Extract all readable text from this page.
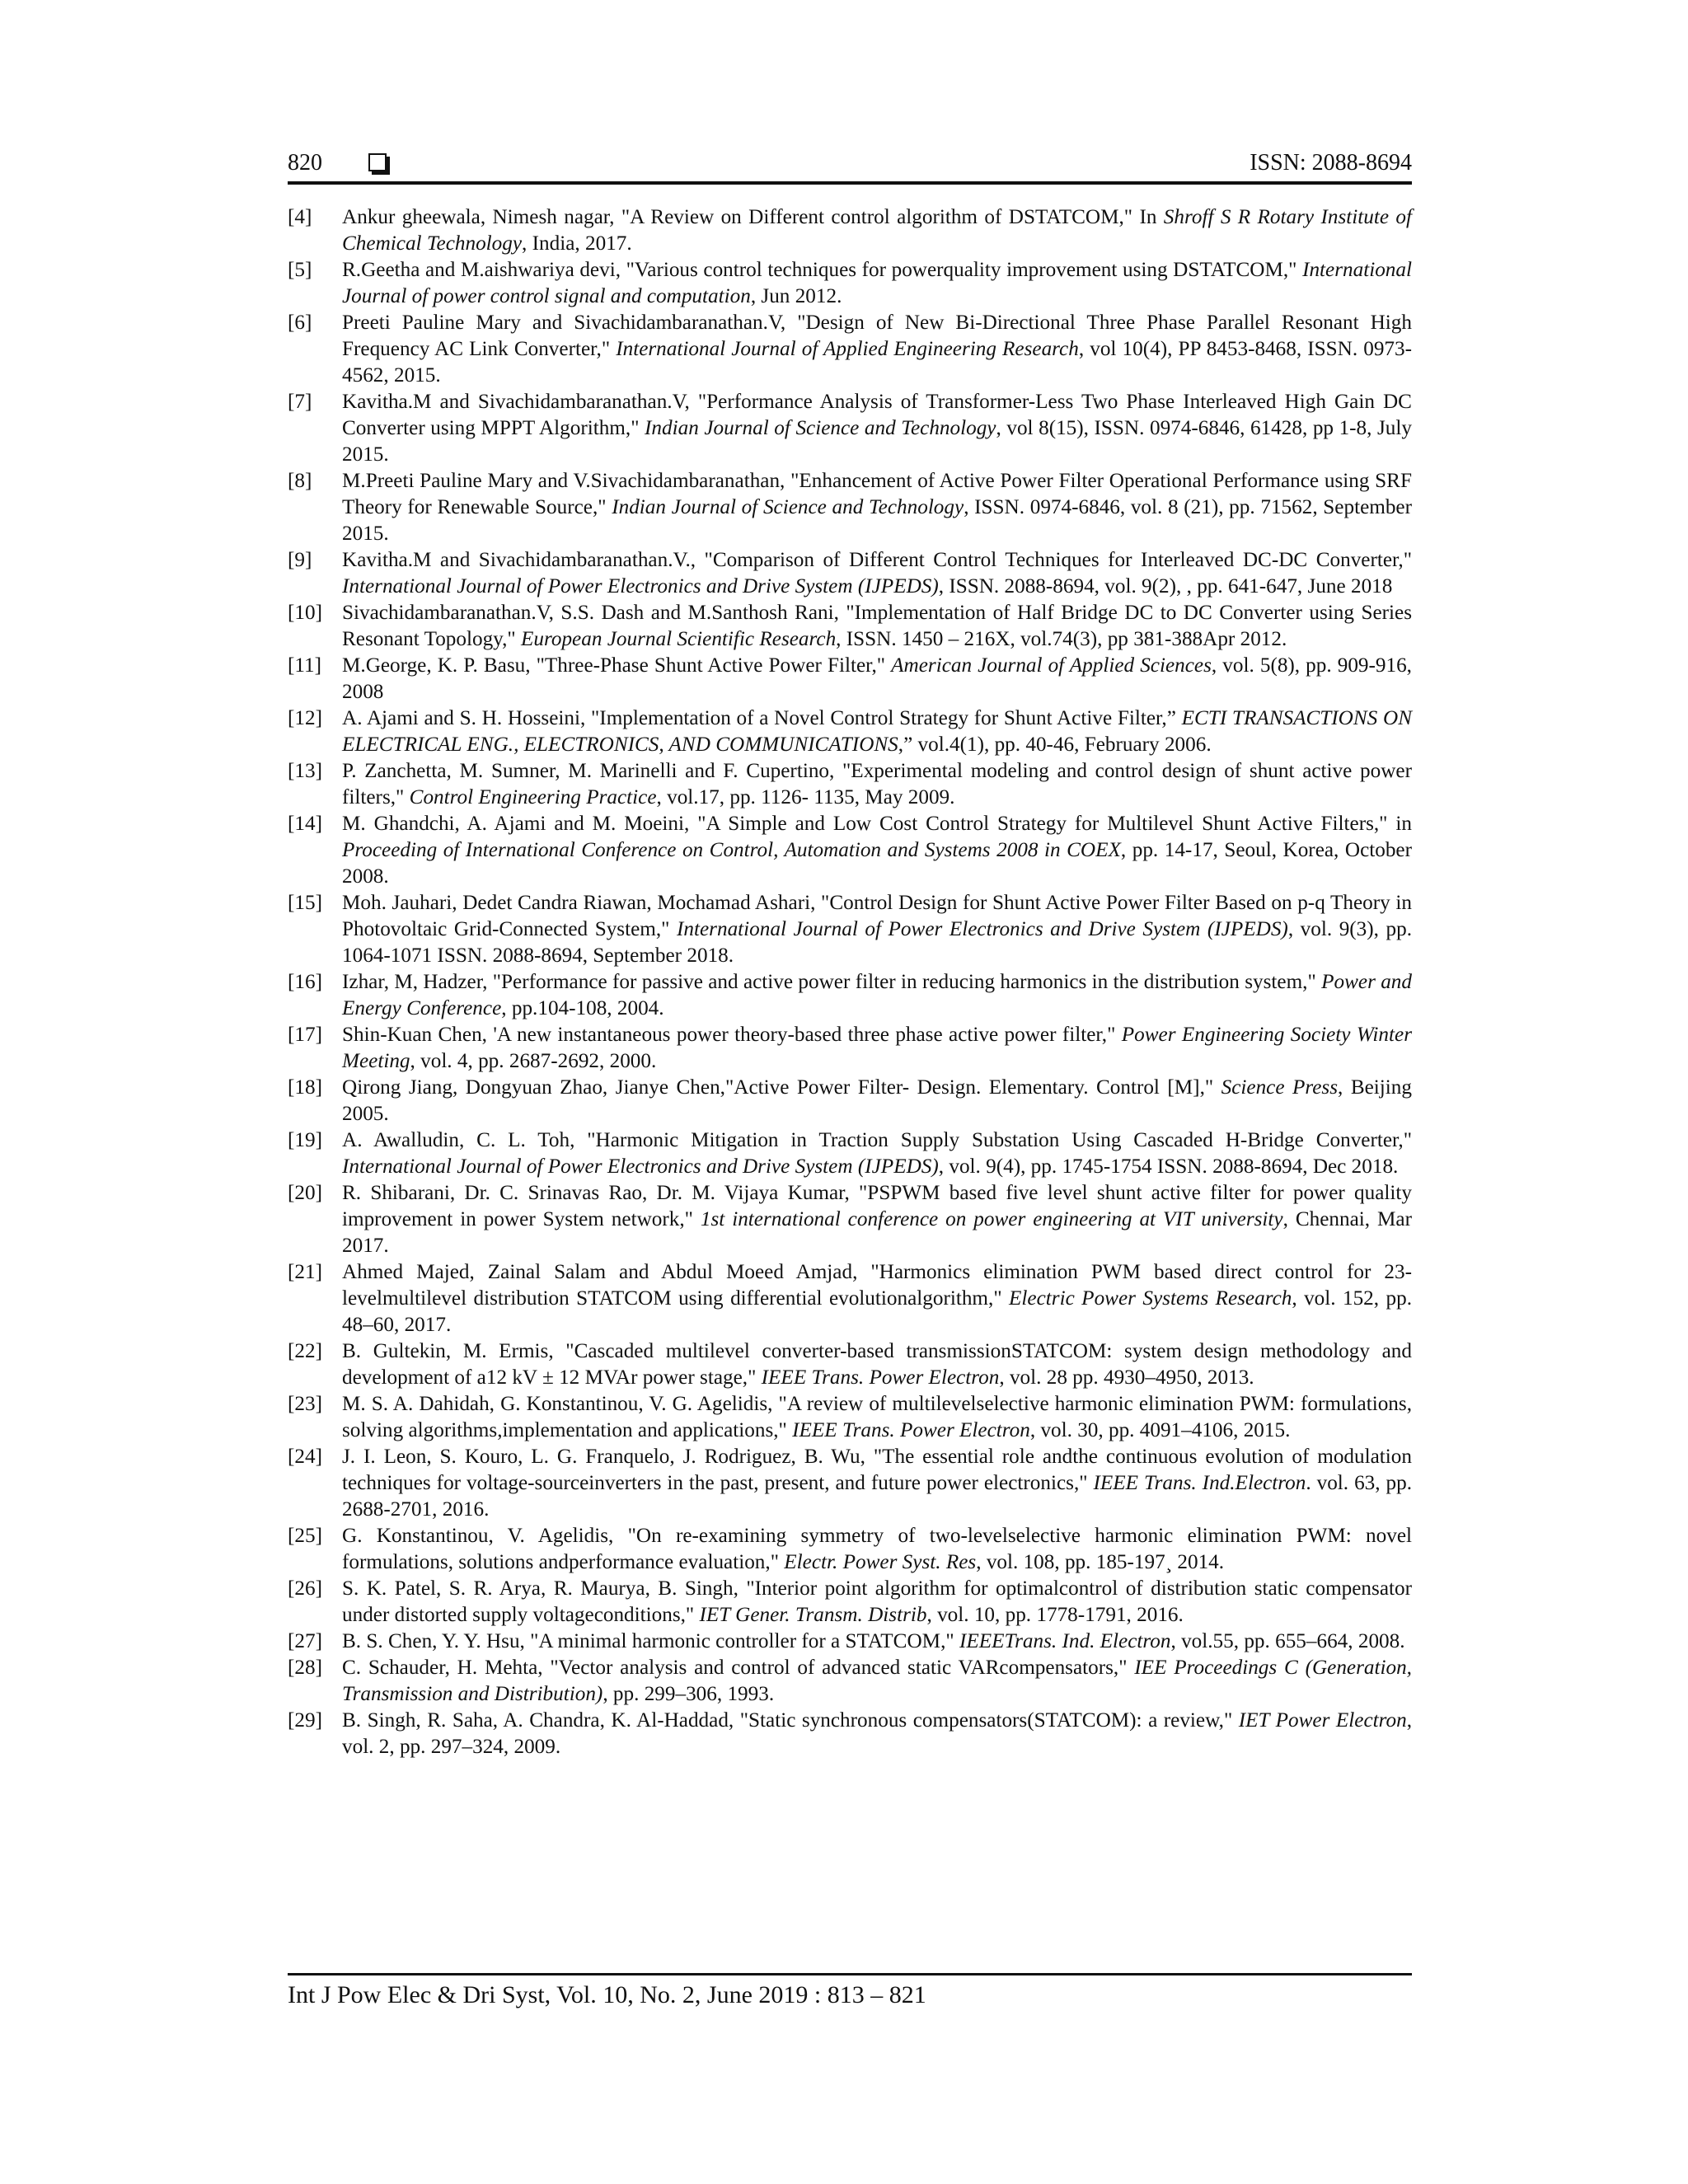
820	ISSN: 2088-8694
[4]	Ankur gheewala, Nimesh nagar, "A Review on Different control algorithm of DSTATCOM," In Shroff S R Rotary Institute of Chemical Technology, India, 2017.
[5]	R.Geetha and M.aishwariya devi, "Various control techniques for powerquality improvement using DSTATCOM," International Journal of power control signal and computation, Jun 2012.
[6]	Preeti Pauline Mary and Sivachidambaranathan.V, "Design of New Bi-Directional Three Phase Parallel Resonant High Frequency AC Link Converter," International Journal of Applied Engineering Research, vol 10(4), PP 8453-8468, ISSN. 0973-4562, 2015.
[7]	Kavitha.M and Sivachidambaranathan.V, "Performance Analysis of Transformer-Less Two Phase Interleaved High Gain DC Converter using MPPT Algorithm," Indian Journal of Science and Technology, vol 8(15), ISSN. 0974-6846, 61428, pp 1-8, July 2015.
[8]	M.Preeti Pauline Mary and V.Sivachidambaranathan, "Enhancement of Active Power Filter Operational Performance using SRF Theory for Renewable Source," Indian Journal of Science and Technology, ISSN. 0974-6846, vol. 8 (21), pp. 71562, September 2015.
[9]	Kavitha.M and Sivachidambaranathan.V., "Comparison of Different Control Techniques for Interleaved DC-DC Converter," International Journal of Power Electronics and Drive System (IJPEDS), ISSN. 2088-8694, vol. 9(2), , pp. 641-647, June 2018
[10] Sivachidambaranathan.V, S.S. Dash and M.Santhosh Rani, "Implementation of Half Bridge DC to DC Converter using Series Resonant Topology," European Journal Scientific Research, ISSN. 1450 – 216X, vol.74(3), pp 381-388Apr 2012.
[11] M.George, K. P. Basu, "Three-Phase Shunt Active Power Filter," American Journal of Applied Sciences, vol. 5(8), pp. 909-916, 2008
[12] A. Ajami and S. H. Hosseini, "Implementation of a Novel Control Strategy for Shunt Active Filter,” ECTI TRANSACTIONS ON ELECTRICAL ENG., ELECTRONICS, AND COMMUNICATIONS,” vol.4(1), pp. 40-46, February 2006.
[13] P. Zanchetta, M. Sumner, M. Marinelli and F. Cupertino, "Experimental modeling and control design of shunt active power filters," Control Engineering Practice, vol.17, pp. 1126- 1135, May 2009.
[14] M. Ghandchi, A. Ajami and M. Moeini, "A Simple and Low Cost Control Strategy for Multilevel Shunt Active Filters," in Proceeding of International Conference on Control, Automation and Systems 2008 in COEX, pp. 14-17, Seoul, Korea, October 2008.
[15] Moh. Jauhari, Dedet Candra Riawan, Mochamad Ashari, "Control Design for Shunt Active Power Filter Based on p-q Theory in Photovoltaic Grid-Connected System," International Journal of Power Electronics and Drive System (IJPEDS), vol. 9(3), pp. 1064-1071 ISSN. 2088-8694, September 2018.
[16] Izhar, M, Hadzer, "Performance for passive and active power filter in reducing harmonics in the distribution system," Power and Energy Conference, pp.104-108, 2004.
[17] Shin-Kuan Chen, 'A new instantaneous power theory-based three phase active power filter," Power Engineering Society Winter Meeting, vol. 4, pp. 2687-2692, 2000.
[18] Qirong Jiang, Dongyuan Zhao, Jianye Chen,"Active Power Filter- Design. Elementary. Control [M]," Science Press, Beijing 2005.
[19] A. Awalludin, C. L. Toh, "Harmonic Mitigation in Traction Supply Substation Using Cascaded H-Bridge Converter," International Journal of Power Electronics and Drive System (IJPEDS), vol. 9(4), pp. 1745-1754 ISSN. 2088-8694, Dec 2018.
[20] R. Shibarani, Dr. C. Srinavas Rao, Dr. M. Vijaya Kumar, "PSPWM based five level shunt active filter for power quality improvement in power System network," 1st international conference on power engineering at VIT university, Chennai, Mar 2017.
[21] Ahmed Majed, Zainal Salam and Abdul Moeed Amjad, "Harmonics elimination PWM based direct control for 23-levelmultilevel distribution STATCOM using differential evolutionalgorithm," Electric Power Systems Research, vol. 152, pp. 48–60, 2017.
[22] B. Gultekin, M. Ermis, "Cascaded multilevel converter-based transmissionSTATCOM: system design methodology and development of a12 kV ± 12 MVAr power stage," IEEE Trans. Power Electron, vol. 28 pp. 4930–4950, 2013.
[23] M. S. A. Dahidah, G. Konstantinou, V. G. Agelidis, "A review of multilevelselective harmonic elimination PWM: formulations, solving algorithms,implementation and applications," IEEE Trans. Power Electron, vol. 30, pp. 4091–4106, 2015.
[24] J. I. Leon, S. Kouro, L. G. Franquelo, J. Rodriguez, B. Wu, "The essential role andthe continuous evolution of modulation techniques for voltage-sourceinverters in the past, present, and future power electronics," IEEE Trans. Ind.Electron. vol. 63, pp. 2688-2701, 2016.
[25] G. Konstantinou, V. Agelidis, "On re-examining symmetry of two-levelselective harmonic elimination PWM: novel formulations, solutions andperformance evaluation," Electr. Power Syst. Res, vol. 108, pp. 185-197¸ 2014.
[26] S. K. Patel, S. R. Arya, R. Maurya, B. Singh, "Interior point algorithm for optimalcontrol of distribution static compensator under distorted supply voltageconditions," IET Gener. Transm. Distrib, vol. 10, pp. 1778-1791, 2016.
[27] B. S. Chen, Y. Y. Hsu, "A minimal harmonic controller for a STATCOM," IEEETrans. Ind. Electron, vol.55, pp. 655–664, 2008.
[28] C. Schauder, H. Mehta, "Vector analysis and control of advanced static VARcompensators," IEE Proceedings C (Generation, Transmission and Distribution), pp. 299–306, 1993.
[29] B. Singh, R. Saha, A. Chandra, K. Al-Haddad, "Static synchronous compensators(STATCOM): a review," IET Power Electron, vol. 2, pp. 297–324, 2009.
Int J Pow Elec & Dri Syst, Vol. 10, No. 2, June 2019 : 813 – 821
